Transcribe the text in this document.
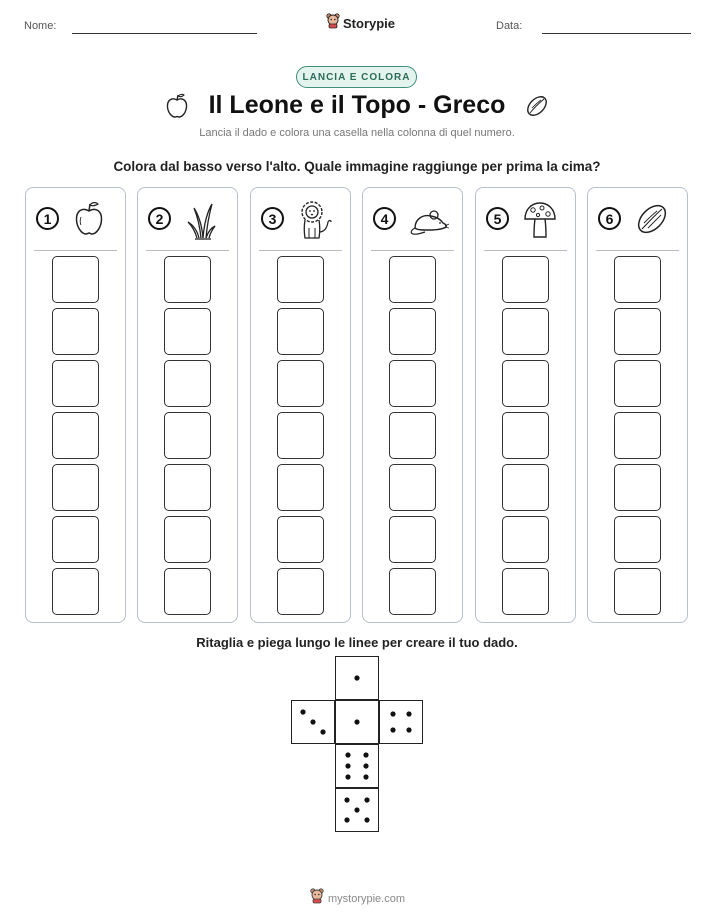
Nome:	Storypie	Data:
LANCIA E COLORA
Il Leone e il Topo - Greco
Lancia il dado e colora una casella nella colonna di quel numero.
Colora dal basso verso l'alto. Quale immagine raggiunge per prima la cima?
1	2	3	4	5	6
Ritaglia e piega lungo le linee per creare il tuo dado.
mystorypie.com
